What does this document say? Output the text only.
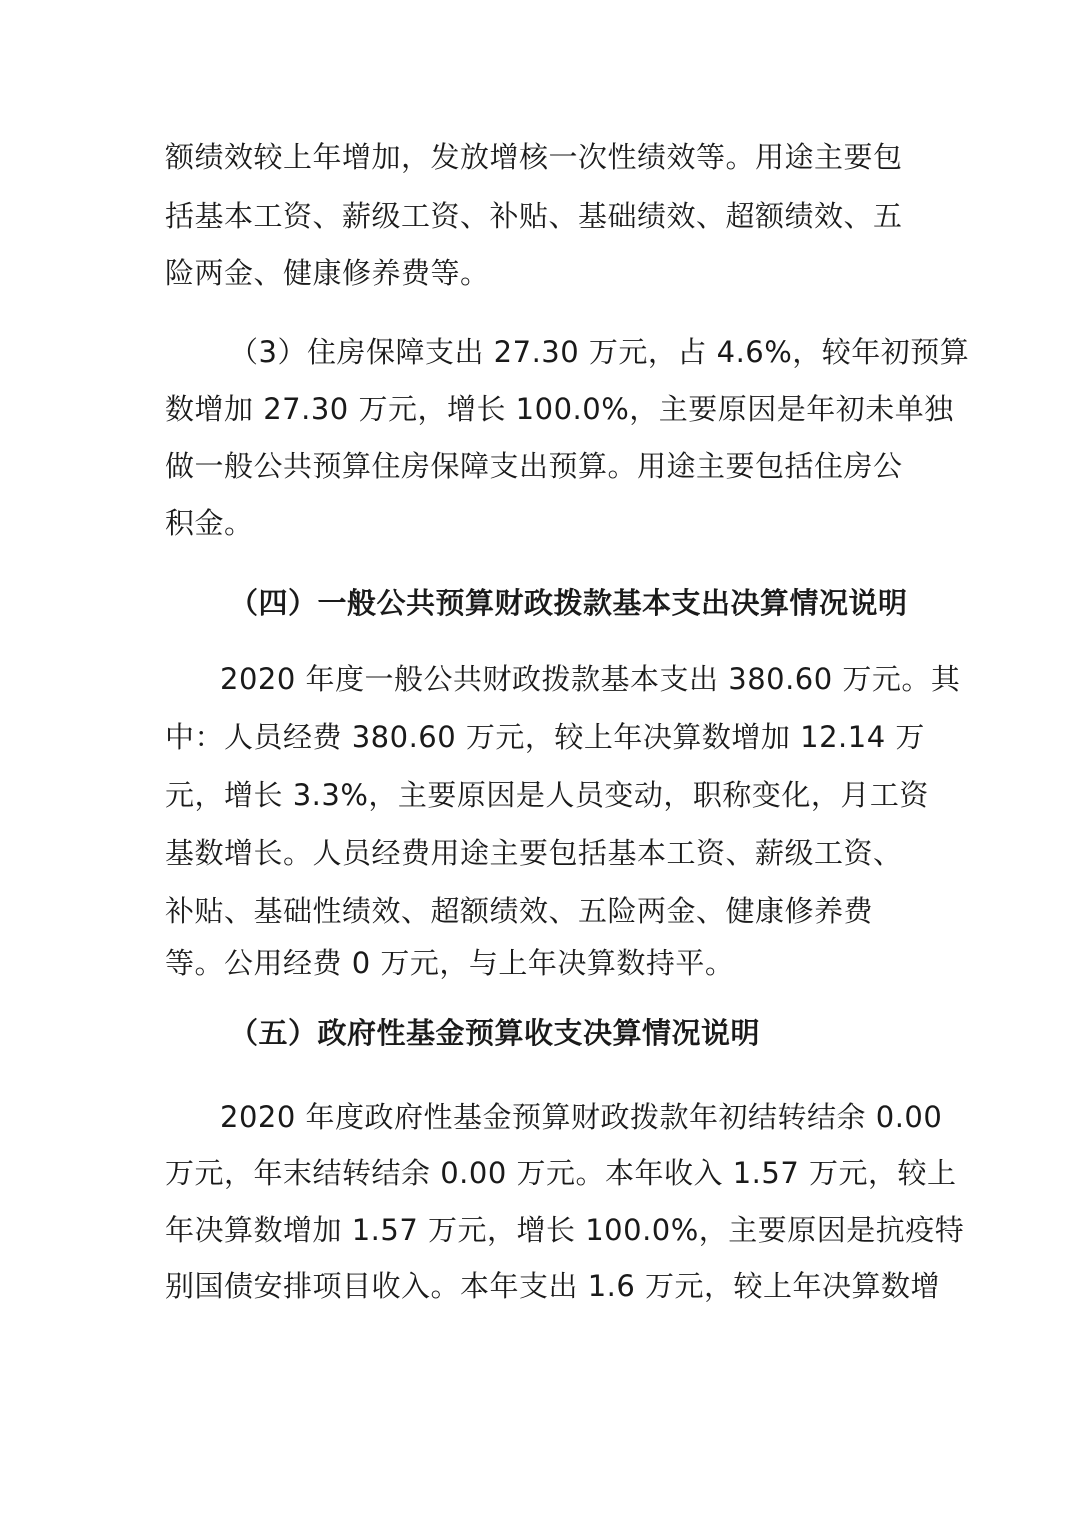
额绩效较上年增加，发放增核一次性绩效等。用途主要包
括基本工资、薪级工资、补贴、基础绩效、超额绩效、五
险两金、健康修养费等。
（3）住房保障支出 27.30 万元，占 4.6%，较年初预算
数增加 27.30 万元，增长 100.0%，主要原因是年初未单独
做一般公共预算住房保障支出预算。用途主要包括住房公
积金。
（四）一般公共预算财政拨款基本支出决算情况说明
2020 年度一般公共财政拨款基本支出 380.60 万元。其
中：人员经费 380.60 万元，较上年决算数增加 12.14 万
元，增长 3.3%，主要原因是人员变动，职称变化，月工资
基数增长。人员经费用途主要包括基本工资、薪级工资、
补贴、基础性绩效、超额绩效、五险两金、健康修养费
等。公用经费 0 万元，与上年决算数持平。
（五）政府性基金预算收支决算情况说明
2020 年度政府性基金预算财政拨款年初结转结余 0.00
万元，年末结转结余 0.00 万元。本年收入 1.57 万元，较上
年决算数增加 1.57 万元，增长 100.0%，主要原因是抗疫特
别国债安排项目收入。本年支出 1.6 万元，较上年决算数增
